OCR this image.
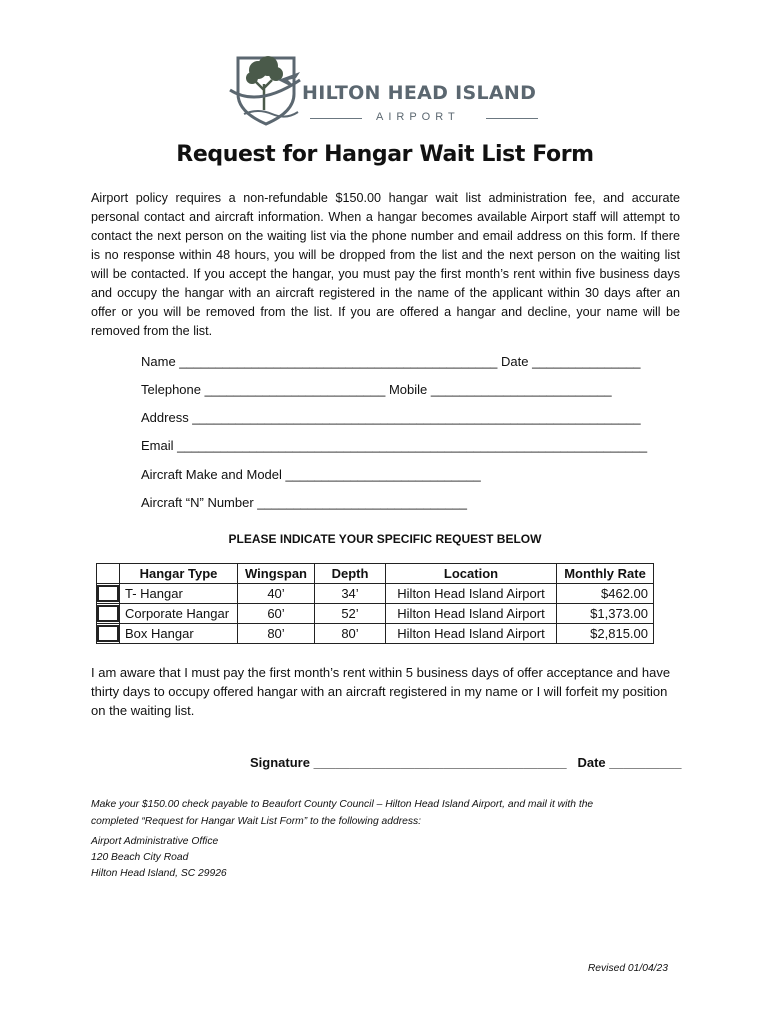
HILTON HEAD ISLAND
AIRPORT
Request for Hangar Wait List Form

Airport policy requires a non-refundable $150.00 hangar wait list administration fee, and accurate personal contact and aircraft information. When a hangar becomes available Airport staff will attempt to contact the next person on the waiting list via the phone number and email address on this form. If there is no response within 48 hours, you will be dropped from the list and the next person on the waiting list will be contacted. If you accept the hangar, you must pay the first month’s rent within five business days and occupy the hangar with an aircraft registered in the name of the applicant within 30 days after an offer or you will be removed from the list. If you are offered a hangar and decline, your name will be removed from the list.

Name ____________________________________________ Date _______________
Telephone _________________________ Mobile _________________________
Address ______________________________________________________________
Email _________________________________________________________________
Aircraft Make and Model ___________________________
Aircraft “N” Number _____________________________
PLEASE INDICATE YOUR SPECIFIC REQUEST BELOW
	Hangar Type	Wingspan	Depth	Location	Monthly Rate

	T- Hangar	40’	34’	Hilton Head Island Airport	$462.00

	Corporate Hangar	60’	52’	Hilton Head Island Airport	$1,373.00

	Box Hangar	80’	80’	Hilton Head Island Airport	$2,815.00

I am aware that I must pay the first month’s rent within 5 business days of offer acceptance and have thirty days to occupy offered hangar with an aircraft registered in my name or I will forfeit my position on the waiting list.

Signature ___________________________________   Date __________
Make your $150.00 check payable to Beaufort County Council – Hilton Head Island Airport, and mail it with the
completed “Request for Hangar Wait List Form” to the following address:
Airport Administrative Office
120 Beach City Road
Hilton Head Island, SC 29926
Revised 01/04/23
